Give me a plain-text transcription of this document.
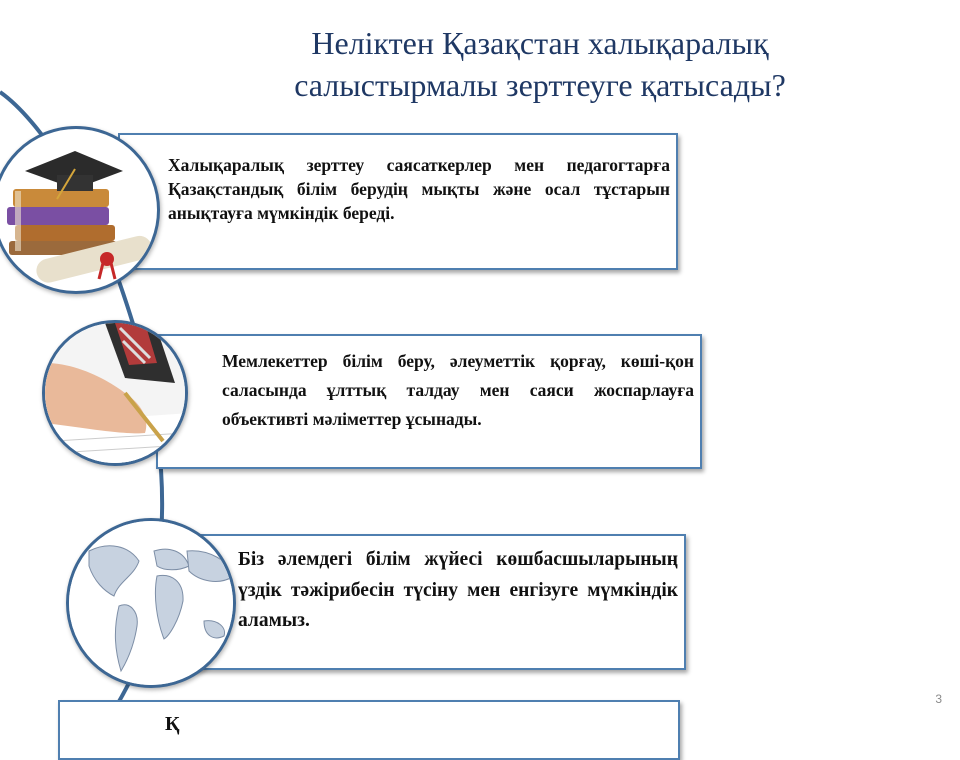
Неліктен Қазақстан халықаралық
салыстырмалы зерттеуге қатысады?
Халықаралық зерттеу саясаткерлер мен педагогтарға Қазақстандық білім берудің мықты және осал тұстарын анықтауға мүмкіндік береді.
Мемлекеттер білім беру, әлеуметтік қорғау, көші-қон саласында ұлттық талдау мен саяси жоспарлауға объективті мәліметтер ұсынады.
Біз әлемдегі білім жүйесі көшбасшыларының үздік тәжірибесін түсіну мен енгізуге мүмкіндік аламыз.
Қ
3
